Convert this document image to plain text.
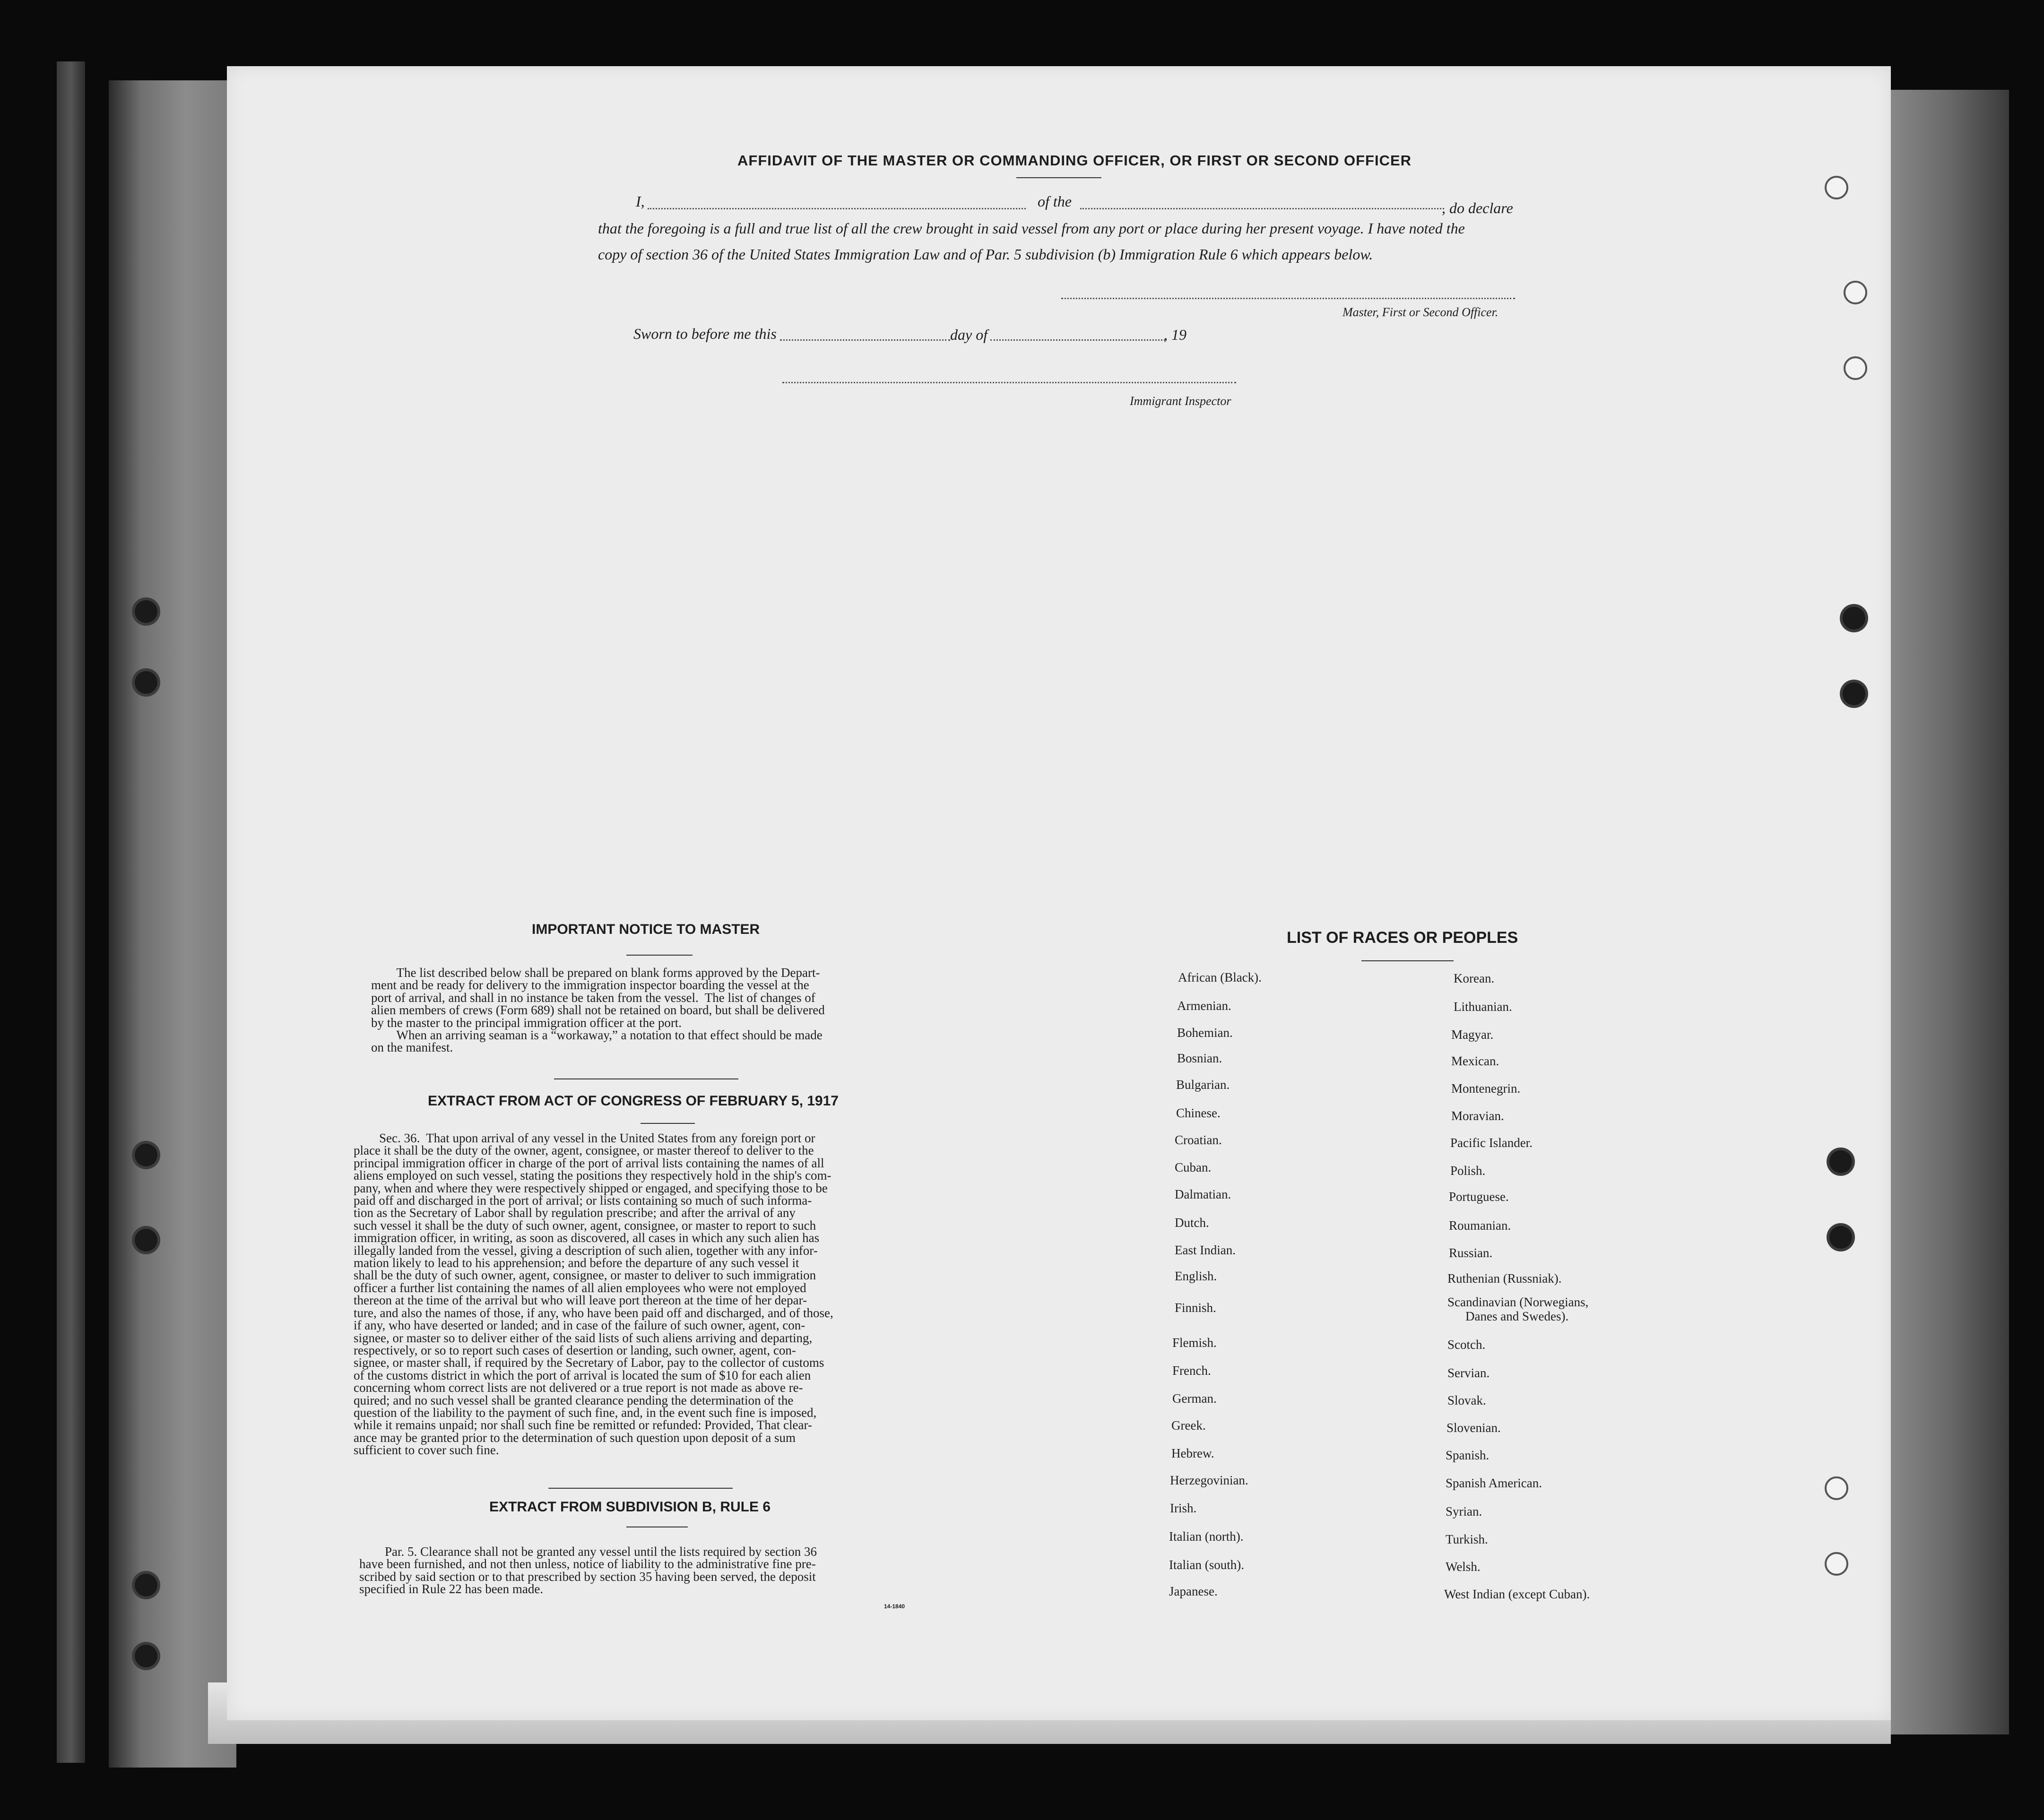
AFFIDAVIT OF THE MASTER OR COMMANDING OFFICER, OR FIRST OR SECOND OFFICER
I,	of the	, do declare
that the foregoing is a full and true list of all the crew brought in said vessel from any port or place during her present voyage. I have noted the
copy of section 36 of the United States Immigration Law and of Par. 5 subdivision (b) Immigration Rule 6 which appears below.
Master, First or Second Officer.
Sworn to before me this	day of	, 19
Immigrant Inspector
IMPORTANT NOTICE TO MASTER
The list described below shall be prepared on blank forms approved by the Depart-
ment and be ready for delivery to the immigration inspector boarding the vessel at the
port of arrival, and shall in no instance be taken from the vessel.  The list of changes of
alien members of crews (Form 689) shall not be retained on board, but shall be delivered
by the master to the principal immigration officer at the port.
When an arriving seaman is a “workaway,” a notation to that effect should be made
on the manifest.
EXTRACT FROM ACT OF CONGRESS OF FEBRUARY 5, 1917
Sec. 36.  That upon arrival of any vessel in the United States from any foreign port or
place it shall be the duty of the owner, agent, consignee, or master thereof to deliver to the
principal immigration officer in charge of the port of arrival lists containing the names of all
aliens employed on such vessel, stating the positions they respectively hold in the ship's com-
pany, when and where they were respectively shipped or engaged, and specifying those to be
paid off and discharged in the port of arrival; or lists containing so much of such informa-
tion as the Secretary of Labor shall by regulation prescribe; and after the arrival of any
such vessel it shall be the duty of such owner, agent, consignee, or master to report to such
immigration officer, in writing, as soon as discovered, all cases in which any such alien has
illegally landed from the vessel, giving a description of such alien, together with any infor-
mation likely to lead to his apprehension; and before the departure of any such vessel it
shall be the duty of such owner, agent, consignee, or master to deliver to such immigration
officer a further list containing the names of all alien employees who were not employed
thereon at the time of the arrival but who will leave port thereon at the time of her depar-
ture, and also the names of those, if any, who have been paid off and discharged, and of those,
if any, who have deserted or landed; and in case of the failure of such owner, agent, con-
signee, or master so to deliver either of the said lists of such aliens arriving and departing,
respectively, or so to report such cases of desertion or landing, such owner, agent, con-
signee, or master shall, if required by the Secretary of Labor, pay to the collector of customs
of the customs district in which the port of arrival is located the sum of $10 for each alien
concerning whom correct lists are not delivered or a true report is not made as above re-
quired; and no such vessel shall be granted clearance pending the determination of the
question of the liability to the payment of such fine, and, in the event such fine is imposed,
while it remains unpaid; nor shall such fine be remitted or refunded: Provided, That clear-
ance may be granted prior to the determination of such question upon deposit of a sum
sufficient to cover such fine.
EXTRACT FROM SUBDIVISION B, RULE 6
Par. 5. Clearance shall not be granted any vessel until the lists required by section 36
have been furnished, and not then unless, notice of liability to the administrative fine pre-
scribed by said section or to that prescribed by section 35 having been served, the deposit
specified in Rule 22 has been made.
14-1840
LIST OF RACES OR PEOPLES
African (Black).
Armenian.
Bohemian.
Bosnian.
Bulgarian.
Chinese.
Croatian.
Cuban.
Dalmatian.
Dutch.
East Indian.
English.
Finnish.
Flemish.
French.
German.
Greek.
Hebrew.
Herzegovinian.
Irish.
Italian (north).
Italian (south).
Japanese.
Korean.
Lithuanian.
Magyar.
Mexican.
Montenegrin.
Moravian.
Pacific Islander.
Polish.
Portuguese.
Roumanian.
Russian.
Ruthenian (Russniak).
Scandinavian (Norwegians,
Danes and Swedes).
Scotch.
Servian.
Slovak.
Slovenian.
Spanish.
Spanish American.
Syrian.
Turkish.
Welsh.
West Indian (except Cuban).
